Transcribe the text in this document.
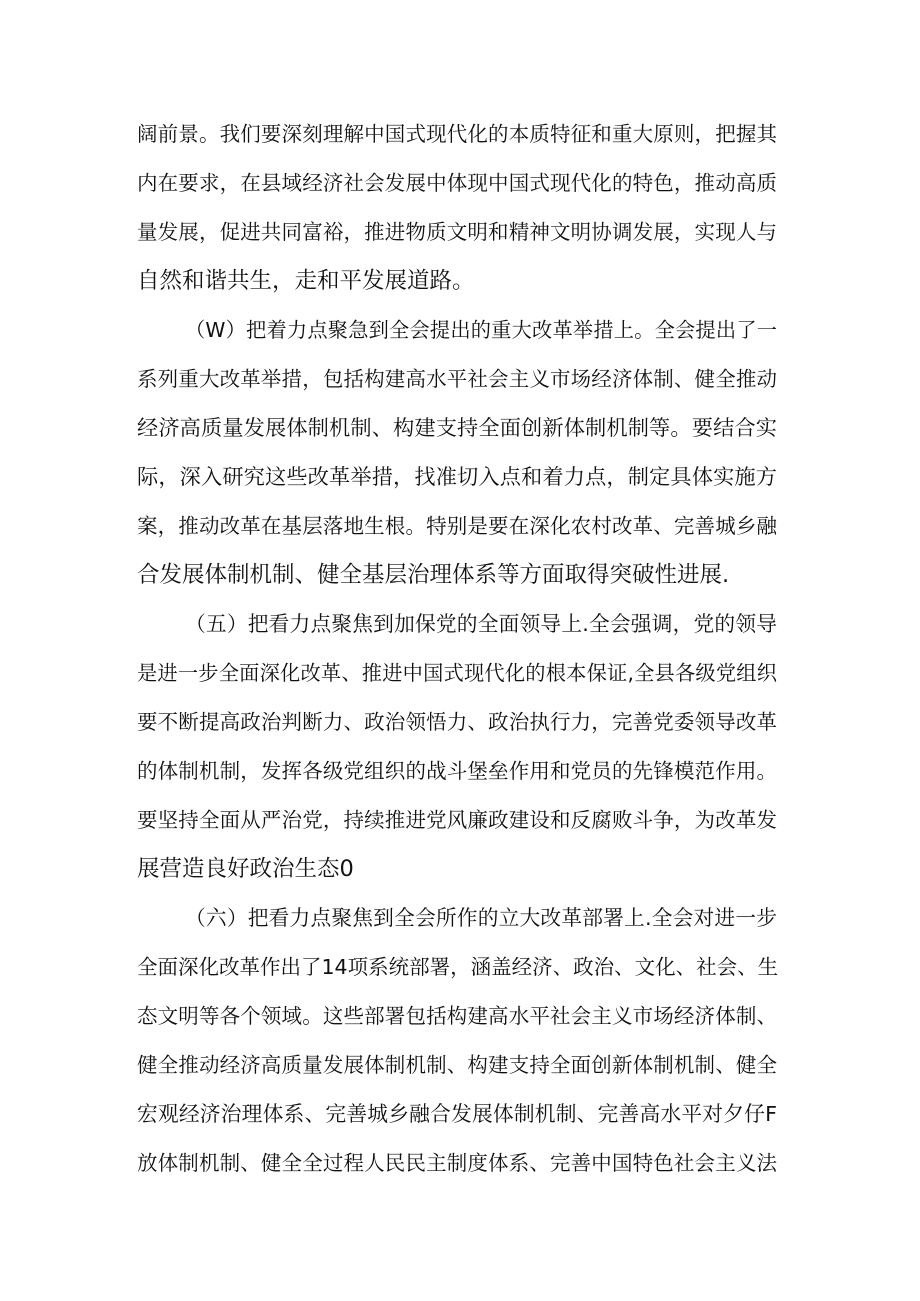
阔前景。我们要深刻理解中国式现代化的本质特征和重大原则，把握其
内在要求，在县域经济社会发展中体现中国式现代化的特色，推动高质
量发展，促进共同富裕，推进物质文明和精神文明协调发展，实现人与
自然和谐共生，走和平发展道路。
（W）把着力点聚急到全会提出的重大改革举措上。全会提出了一
系列重大改革举措，包括构建高水平社会主义市场经济体制、健全推动
经济高质量发展体制机制、构建支持全面创新体制机制等。要结合实
际，深入研究这些改革举措，找准切入点和着力点，制定具体实施方
案，推动改革在基层落地生根。特别是要在深化农村改革、完善城乡融
合发展体制机制、健全基层治理体系等方面取得突破性进展.
（五）把看力点聚焦到加保党的全面领导上.全会强调，党的领导
是进一步全面深化改革、推进中国式现代化的根本保证,全县各级党组织
要不断提高政治判断力、政治领悟力、政治执行力，完善党委领导改革
的体制机制，发挥各级党组织的战斗堡垒作用和党员的先锋模范作用。
要坚持全面从严治党，持续推进党风廉政建设和反腐败斗争，为改革发
展营造良好政治生态0
（六）把看力点聚焦到全会所作的立大改革部署上.全会对进一步
全面深化改革作出了14项系统部署，涵盖经济、政治、文化、社会、生
态文明等各个领域。这些部署包括构建高水平社会主义市场经济体制、
健全推动经济高质量发展体制机制、构建支持全面创新体制机制、健全
宏观经济治理体系、完善城乡融合发展体制机制、完善高水平对夕仔F
放体制机制、健全全过程人民民主制度体系、完善中国特色社会主义法
